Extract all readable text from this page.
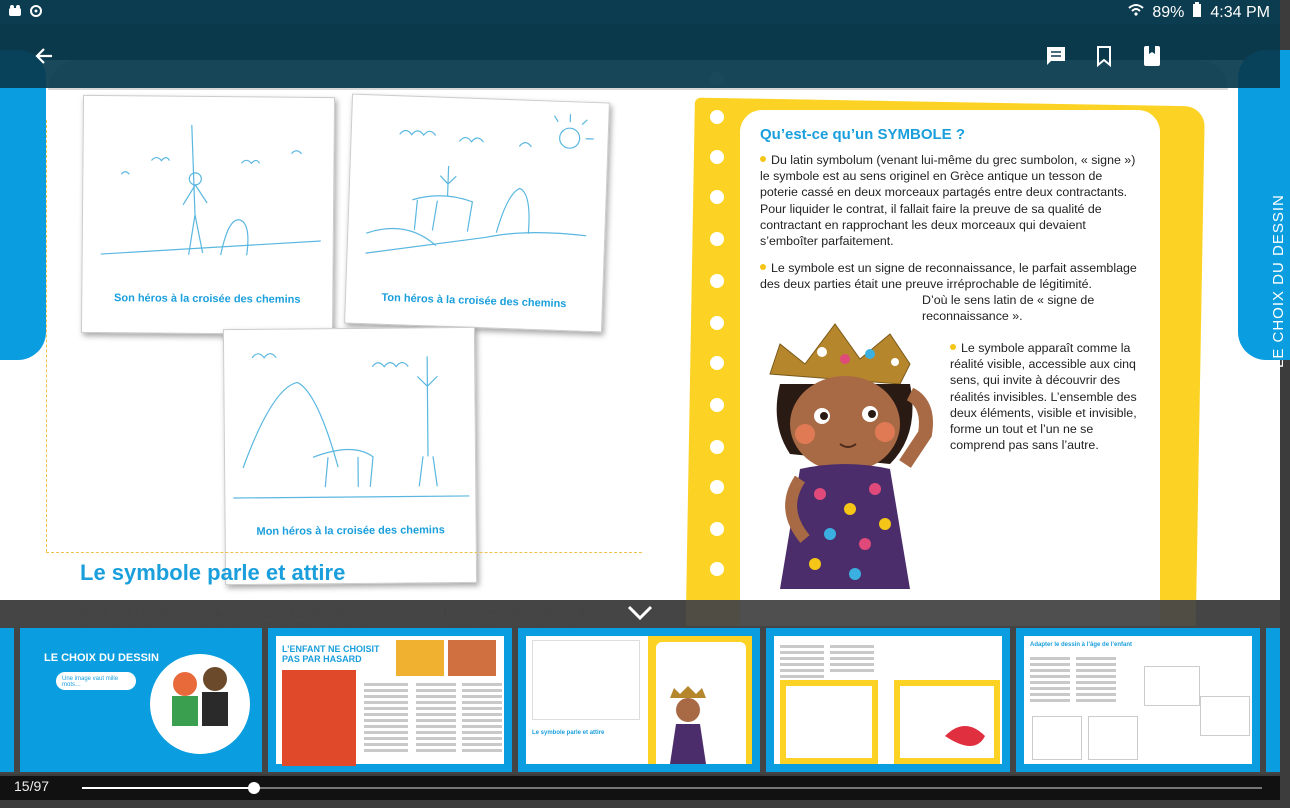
89% 4:34 PM
LE CHOIX DU DESSIN
Son héros à la croisée des chemins	Ton héros à la croisée des chemins
Mon héros à la croisée des chemins
Le symbole parle et attire
Qu’est-ce qu’un SYMBOLE ?
Du latin symbolum (venant lui-même du grec sumbolon, « signe ») le symbole est au sens originel en Grèce antique un tesson de poterie cassé en deux morceaux partagés entre deux contractants. Pour liquider le contrat, il fallait faire la preuve de sa qualité de contractant en rapprochant les deux morceaux qui devaient s’emboîter parfaitement.
Le symbole est un signe de reconnaissance, le parfait assemblage des deux parties était une preuve irréprochable de légitimité.
D’où le sens latin de « signe de reconnaissance ».
Le symbole apparaît comme la réalité visible, accessible aux cinq sens, qui invite à découvrir des réalités invisibles. L’ensemble des deux éléments, visible et invisible, forme un tout et l’un ne se comprend pas sans l’autre.
LE CHOIX DU DESSIN
Une image vaut mille mots…
L’ENFANT NE CHOISIT PAS PAR HASARD
Le symbole parle et attire
Adapter le dessin à l’âge de l’enfant
15/97
